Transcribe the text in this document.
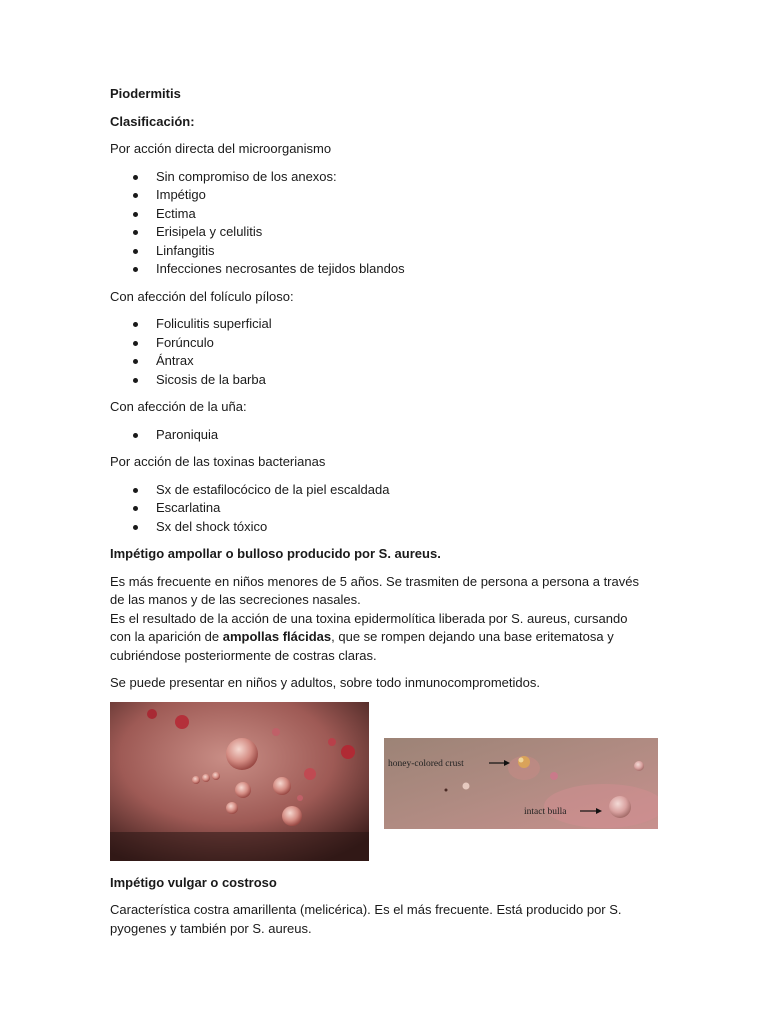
Piodermitis

Clasificación:

Por acción directa del microorganismo

Sin compromiso de los anexos:
Impétigo
Ectima
Erisipela y celulitis
Linfangitis
Infecciones necrosantes de tejidos blandos

Con afección del folículo píloso:

Foliculitis superficial
Forúnculo
Ántrax
Sicosis de la barba

Con afección de la uña:

Paroniquia

Por acción de las toxinas bacterianas

Sx de estafilocócico de la piel escaldada
Escarlatina
Sx del shock tóxico

Impétigo ampollar o bulloso producido por S. aureus.

Es más frecuente en niños menores de 5 años. Se trasmiten de persona a persona a través
de las manos y de las secreciones nasales.
Es el resultado de la acción de una toxina epidermolítica liberada por S. aureus, cursando
con la aparición de ampollas flácidas, que se rompen dejando una base eritematosa y
cubriéndose posteriormente de costras claras.

Se puede presentar en niños y adultos, sobre todo inmunocomprometidos.

honey-colored crust
intact bulla

Impétigo vulgar o costroso

Característica costra amarillenta (melicérica). Es el más frecuente. Está producido por S.
pyogenes y también por S. aureus.
